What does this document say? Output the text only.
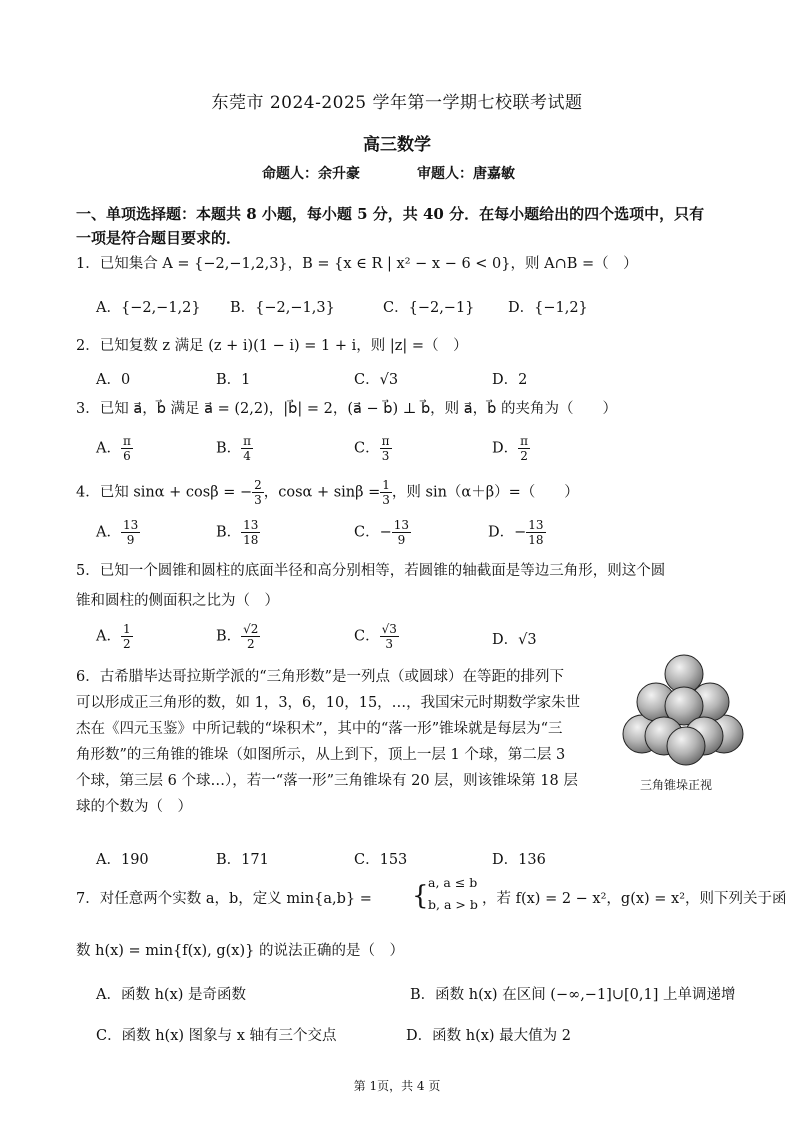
东莞市 2024-2025 学年第一学期七校联考试题
高三数学
命题人：余升豪	审题人：唐嘉敏
一、单项选择题：本题共 8 小题，每小题 5 分，共 40 分．在每小题给出的四个选项中，只有
一项是符合题目要求的．
1．已知集合 A = {−2,−1,2,3}，B = {x ∈ R | x² − x − 6 < 0}，则 A∩B =（　）
A．{−2,−1,2} B．{−2,−1,3}	C．{−2,−1} D．{−1,2}
2．已知复数 z 满足 (z + i)(1 − i) = 1 + i，则 |z| =（　）
A．0	B．1	C．√3	D．2
3．已知 a⃗，b⃗ 满足 a⃗ = (2,2)，|b⃗| = 2，(a⃗ − b⃗) ⊥ b⃗，则 a⃗，b⃗ 的夹角为（　　）
A． $\frac{\pi}{6}$	B． $\frac{\pi}{4}$	C． $\frac{\pi}{3}$	D． $\frac{\pi}{2}$
4．已知 sinα + cosβ = − $\frac{2}{3}$ ，$\cos\alpha + \sin\beta = \frac{1}{3}$ ，则 sin（α＋β）=（　　）
A． $\frac{13}{9}$	B． $\frac{13}{18}$	C．− $\frac{13}{9}$	D．− $\frac{13}{18}$
5．已知一个圆锥和圆柱的底面半径和高分别相等，若圆锥的轴截面是等边三角形，则这个圆
锥和圆柱的侧面积之比为（　）
A． $\frac{1}{2}$	B． $\frac{√2}{2}$	C． $\frac{√3}{3}$	D．√3
6．古希腊毕达哥拉斯学派的“三角形数”是一列点（或圆球）在等距的排列下
可以形成正三角形的数，如 1，3，6，10，15，…，我国宋元时期数学家朱世
杰在《四元玉鉴》中所记载的“垛积术”，其中的“落一形”锥垛就是每层为“三
角形数”的三角锥的锥垛（如图所示，从上到下，顶上一层 1 个球，第二层 3
个球，第三层 6 个球…），若一“落一形”三角锥垛有 20 层，则该锥垛第 18 层
球的个数为（　）
三角锥垛正视
A．190	B．171	C．153	D．136
7．对任意两个实数 a，b，定义 min{a,b} = { a, a ≤ b
b, a > b ，若 f(x) = 2 − x²，g(x) = x²，则下列关于函
数 h(x) = min{f(x), g(x)} 的说法正确的是（　）
A．函数 h(x) 是奇函数	B．函数 h(x) 在区间 (−∞,−1]∪[0,1] 上单调递增
C．函数 h(x) 图象与 x 轴有三个交点	D．函数 h(x) 最大值为 2
第 1页，共 4 页
